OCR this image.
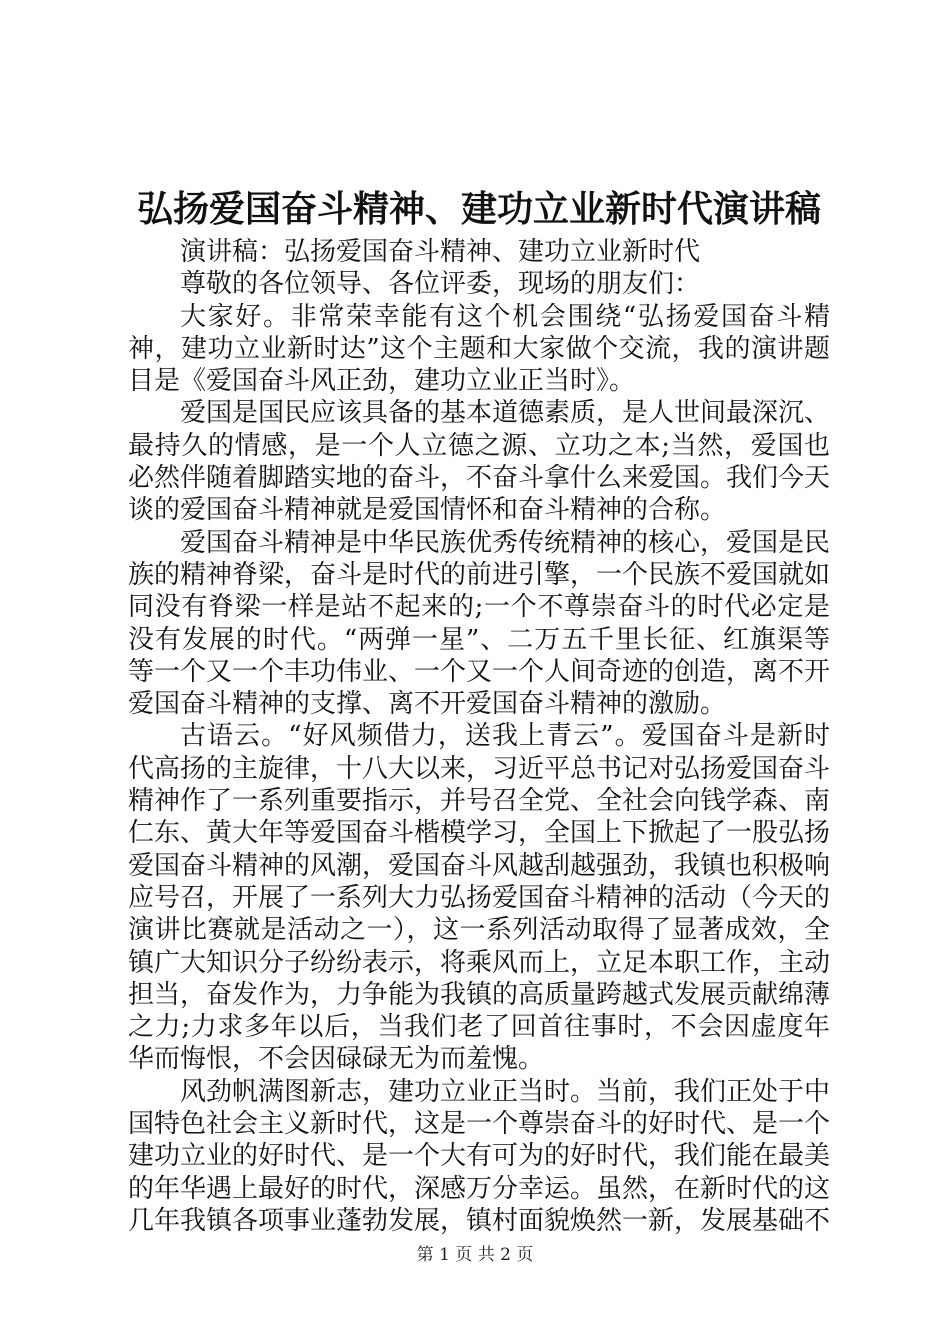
弘扬爱国奋斗精神、建功立业新时代演讲稿

演讲稿：弘扬爱国奋斗精神、建功立业新时代

尊敬的各位领导、各位评委，现场的朋友们：

大家好。非常荣幸能有这个机会围绕“弘扬爱国奋斗精神，建功立业新时达”这个主题和大家做个交流，我的演讲题目是《爱国奋斗风正劲，建功立业正当时》。

爱国是国民应该具备的基本道德素质，是人世间最深沉、最持久的情感，是一个人立德之源、立功之本;当然，爱国也必然伴随着脚踏实地的奋斗，不奋斗拿什么来爱国。我们今天谈的爱国奋斗精神就是爱国情怀和奋斗精神的合称。

爱国奋斗精神是中华民族优秀传统精神的核心，爱国是民族的精神脊梁，奋斗是时代的前进引擎，一个民族不爱国就如同没有脊梁一样是站不起来的;一个不尊崇奋斗的时代必定是没有发展的时代。“两弹一星”、二万五千里长征、红旗渠等等一个又一个丰功伟业、一个又一个人间奇迹的创造，离不开爱国奋斗精神的支撑、离不开爱国奋斗精神的激励。

古语云。“好风频借力，送我上青云”。爱国奋斗是新时代高扬的主旋律，十八大以来，习近平总书记对弘扬爱国奋斗精神作了一系列重要指示，并号召全党、全社会向钱学森、南仁东、黄大年等爱国奋斗楷模学习，全国上下掀起了一股弘扬爱国奋斗精神的风潮，爱国奋斗风越刮越强劲，我镇也积极响应号召，开展了一系列大力弘扬爱国奋斗精神的活动（今天的演讲比赛就是活动之一），这一系列活动取得了显著成效，全镇广大知识分子纷纷表示，将乘风而上，立足本职工作，主动担当，奋发作为，力争能为我镇的高质量跨越式发展贡献绵薄之力;力求多年以后，当我们老了回首往事时，不会因虚度年华而悔恨，不会因碌碌无为而羞愧。

风劲帆满图新志，建功立业正当时。当前，我们正处于中国特色社会主义新时代，这是一个尊崇奋斗的好时代、是一个建功立业的好时代、是一个大有可为的好时代，我们能在最美的年华遇上最好的时代，深感万分幸运。虽然，在新时代的这几年我镇各项事业蓬勃发展，镇村面貌焕然一新，发展基础不

第 1 页 共 2 页
